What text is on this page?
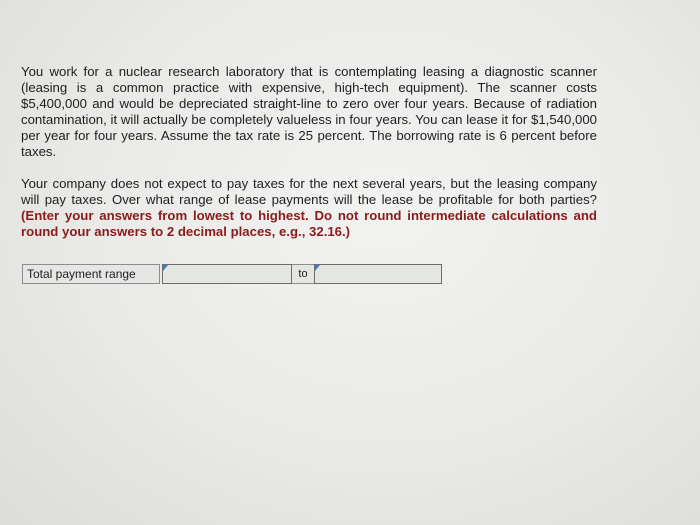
You work for a nuclear research laboratory that is contemplating leasing a diagnostic scanner (leasing is a common practice with expensive, high-tech equipment). The scanner costs $5,400,000 and would be depreciated straight-line to zero over four years. Because of radiation contamination, it will actually be completely valueless in four years. You can lease it for $1,540,000 per year for four years. Assume the tax rate is 25 percent. The borrowing rate is 6 percent before taxes.

Your company does not expect to pay taxes for the next several years, but the leasing company will pay taxes. Over what range of lease payments will the lease be profitable for both parties? (Enter your answers from lowest to highest. Do not round intermediate calculations and round your answers to 2 decimal places, e.g., 32.16.)

Total payment range	to
